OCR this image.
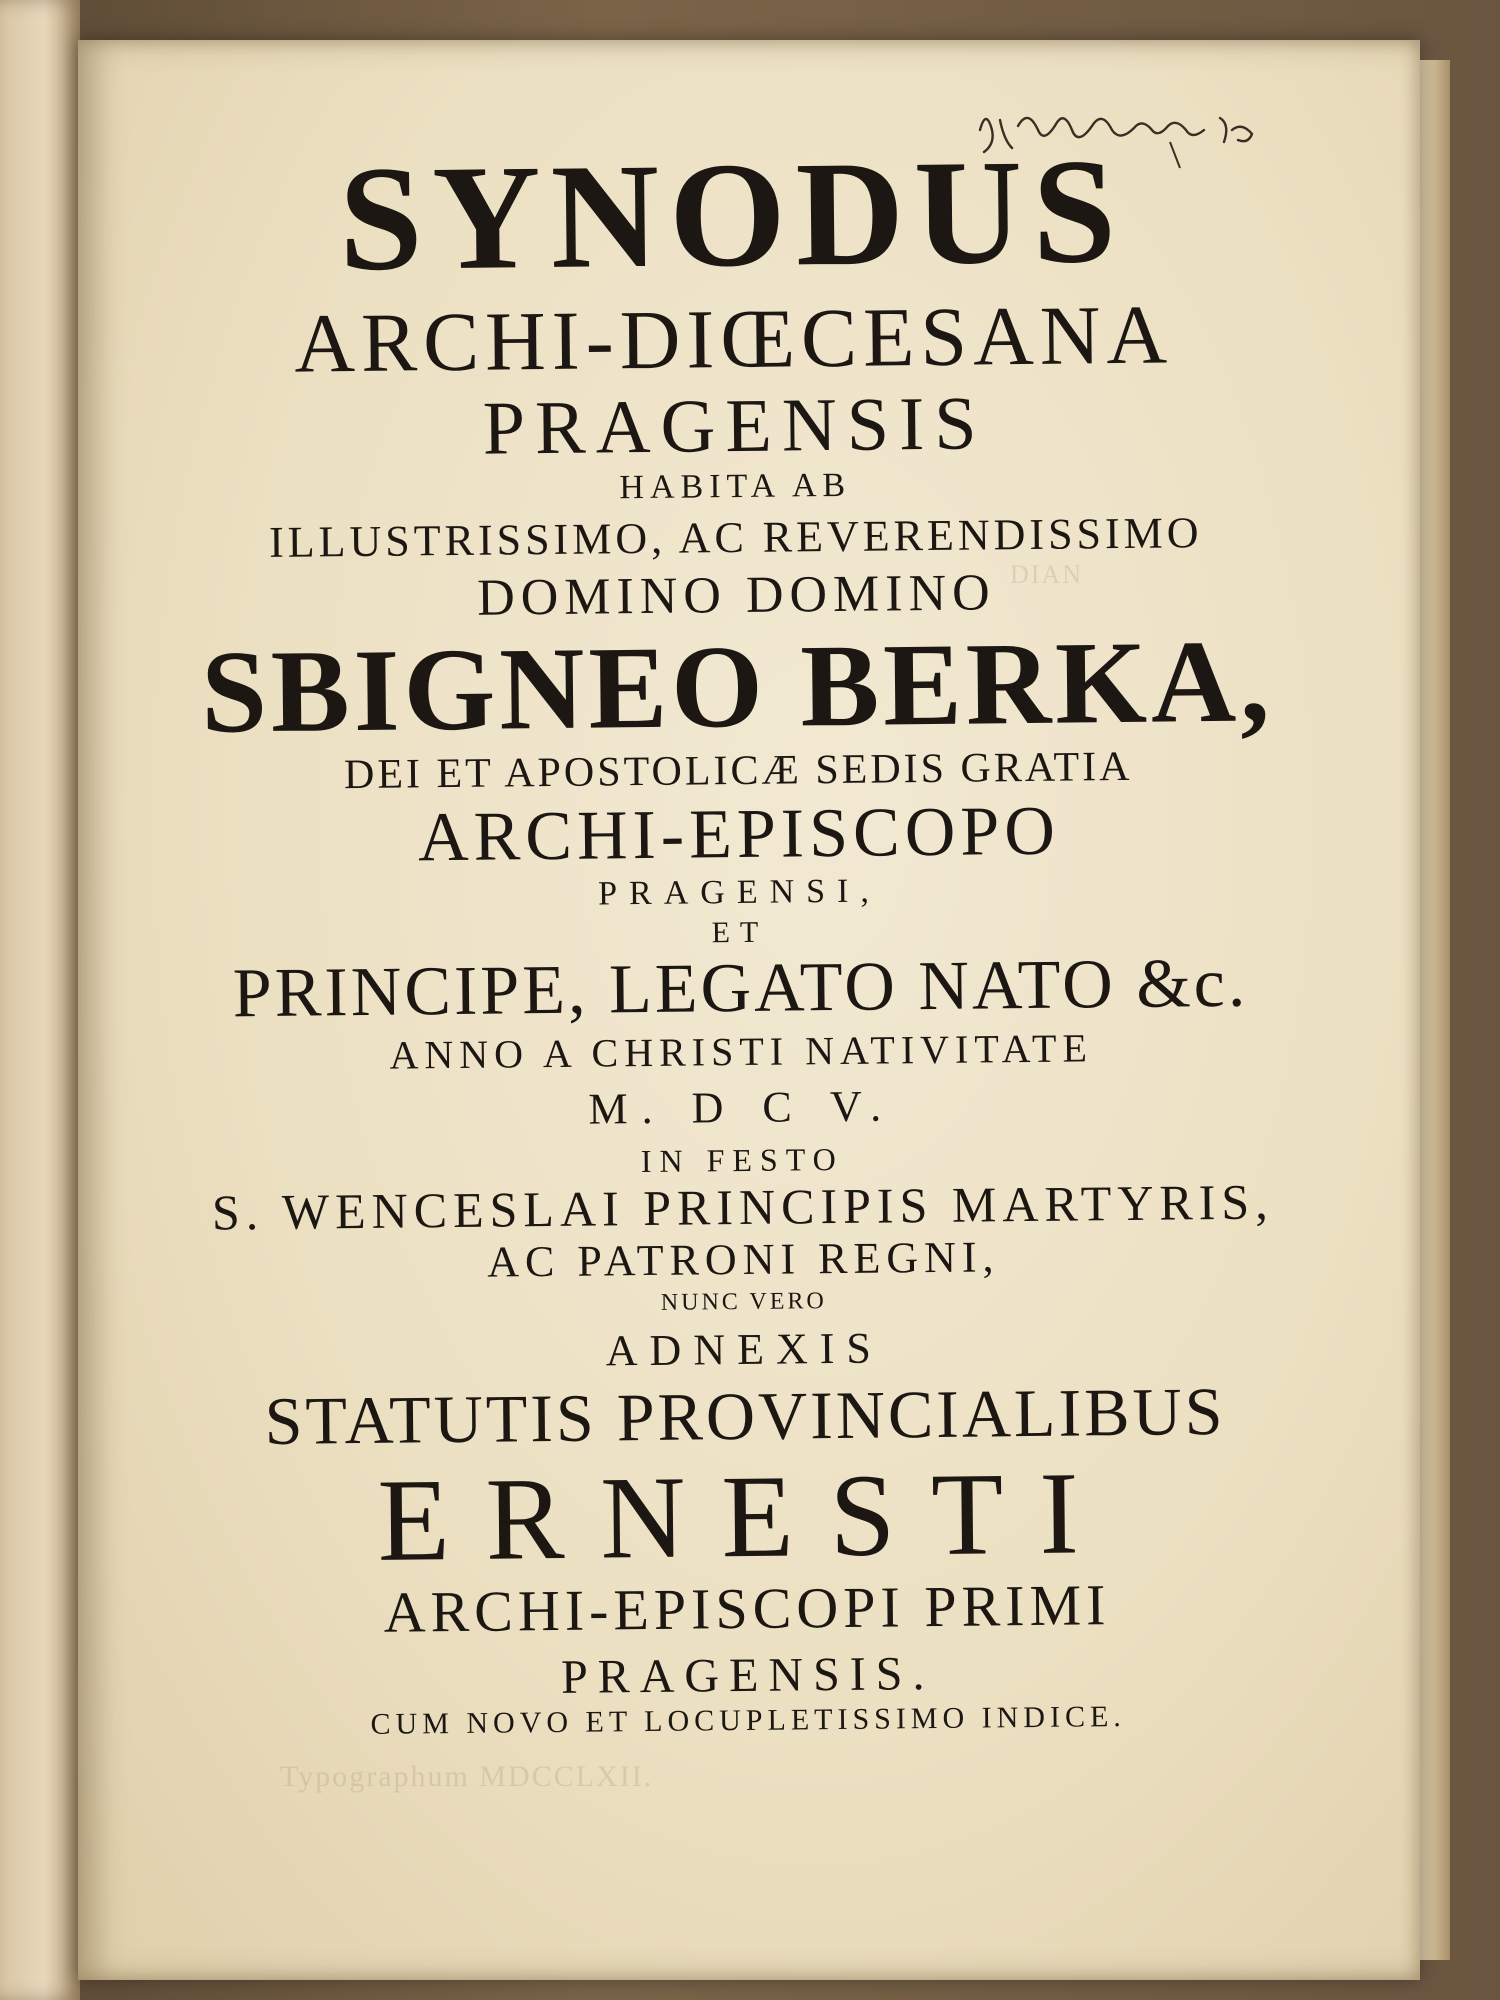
DIAN
Typographum MDCCLXII.
SYNODUS
ARCHI-DIŒCESANA
PRAGENSIS
HABITA AB
ILLUSTRISSIMO, AC REVERENDISSIMO
DOMINO DOMINO
SBIGNEO BERKA,
DEI ET APOSTOLICÆ SEDIS GRATIA
ARCHI-EPISCOPO
PRAGENSI,
ET
PRINCIPE, LEGATO NATO &c.
ANNO A CHRISTI NATIVITATE
M. D C V.
IN FESTO
S. WENCESLAI PRINCIPIS MARTYRIS,
AC PATRONI REGNI,
NUNC VERO
ADNEXIS
STATUTIS PROVINCIALIBUS
ERNESTI
ARCHI-EPISCOPI PRIMI
PRAGENSIS.
CUM NOVO ET LOCUPLETISSIMO INDICE.
